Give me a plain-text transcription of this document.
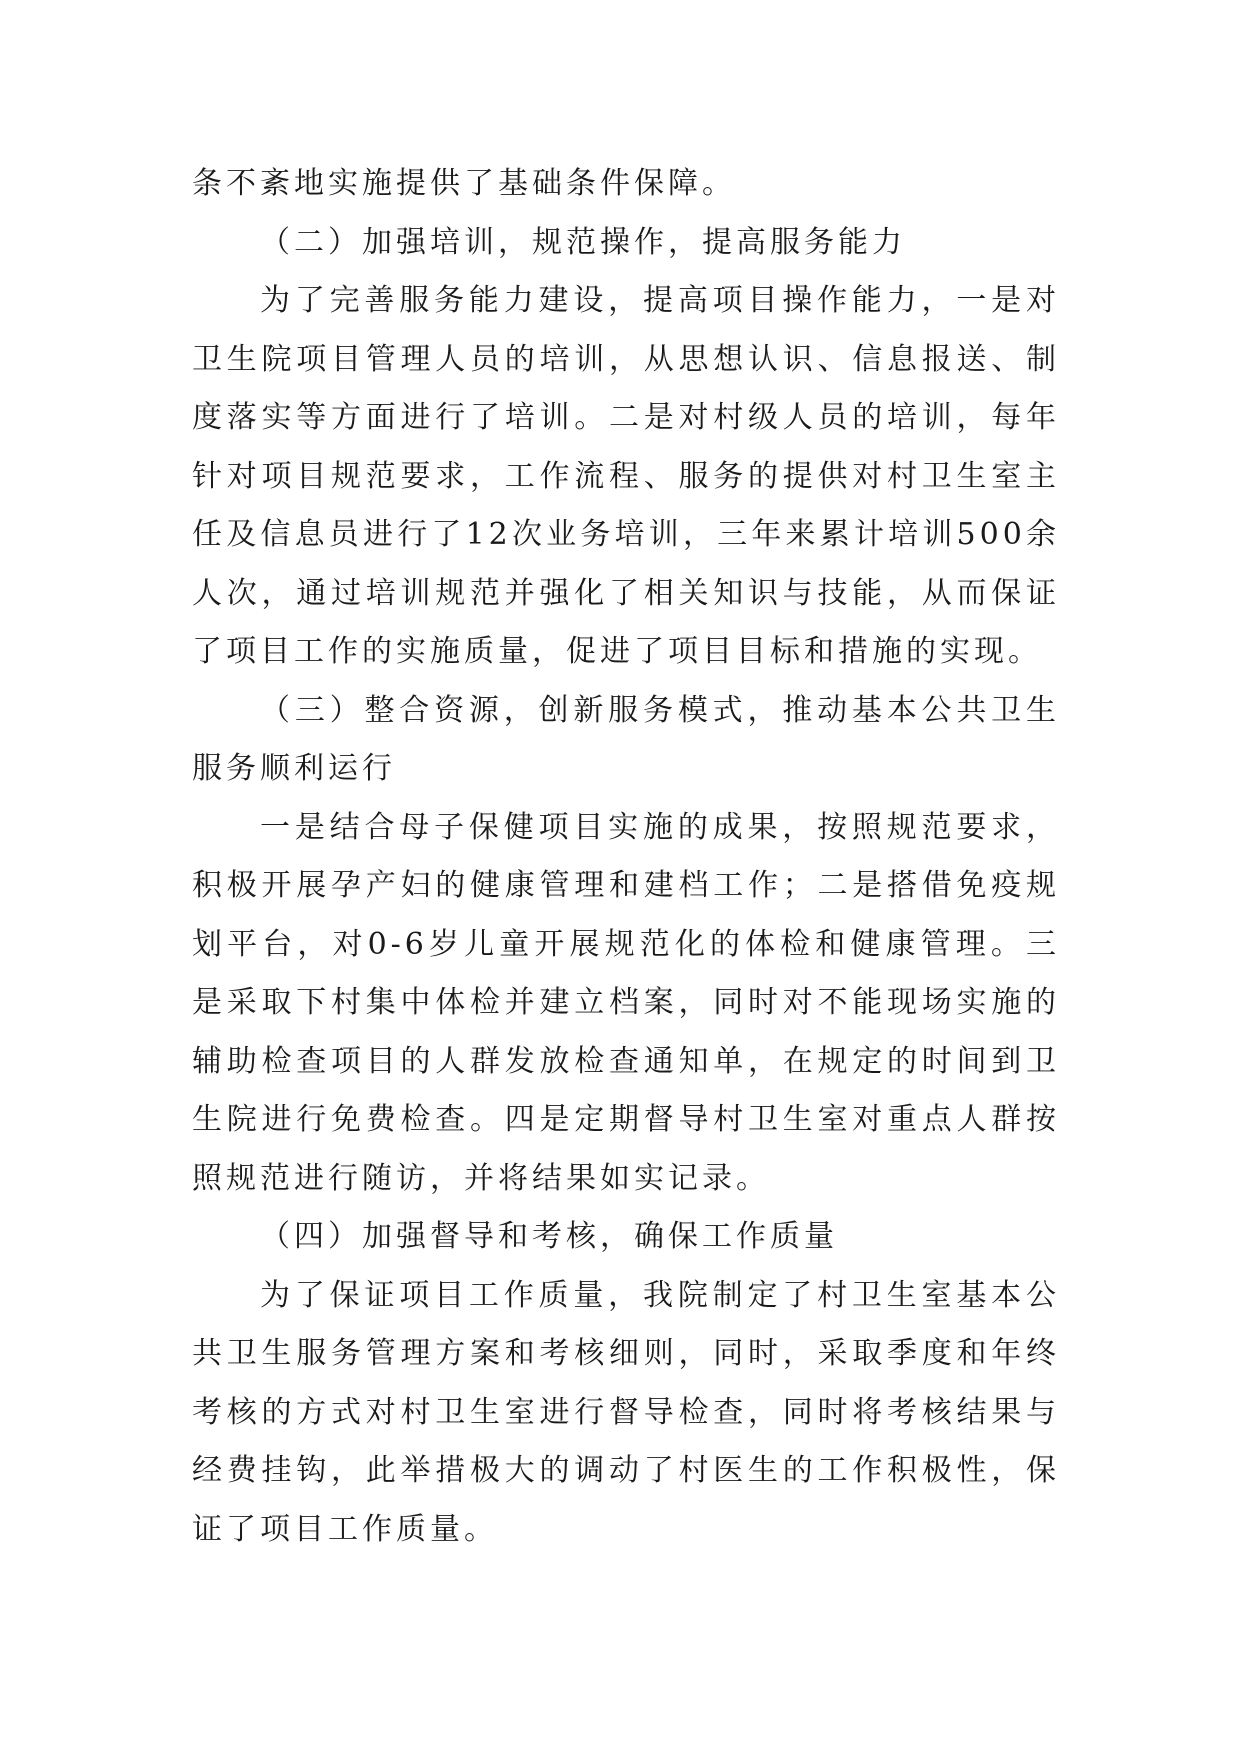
条不紊地实施提供了基础条件保障。

（二）加强培训，规范操作，提高服务能力

为了完善服务能力建设，提高项目操作能力，一是对卫生院项目管理人员的培训，从思想认识、信息报送、制度落实等方面进行了培训。二是对村级人员的培训，每年针对项目规范要求，工作流程、服务的提供对村卫生室主任及信息员进行了12次业务培训，三年来累计培训500余人次，通过培训规范并强化了相关知识与技能，从而保证了项目工作的实施质量，促进了项目目标和措施的实现。

（三）整合资源，创新服务模式，推动基本公共卫生服务顺利运行

一是结合母子保健项目实施的成果，按照规范要求，积极开展孕产妇的健康管理和建档工作；二是搭借免疫规划平台，对0-6岁儿童开展规范化的体检和健康管理。三是采取下村集中体检并建立档案，同时对不能现场实施的辅助检查项目的人群发放检查通知单，在规定的时间到卫生院进行免费检查。四是定期督导村卫生室对重点人群按照规范进行随访，并将结果如实记录。

（四）加强督导和考核，确保工作质量

为了保证项目工作质量，我院制定了村卫生室基本公共卫生服务管理方案和考核细则，同时，采取季度和年终考核的方式对村卫生室进行督导检查，同时将考核结果与经费挂钩，此举措极大的调动了村医生的工作积极性，保证了项目工作质量。
